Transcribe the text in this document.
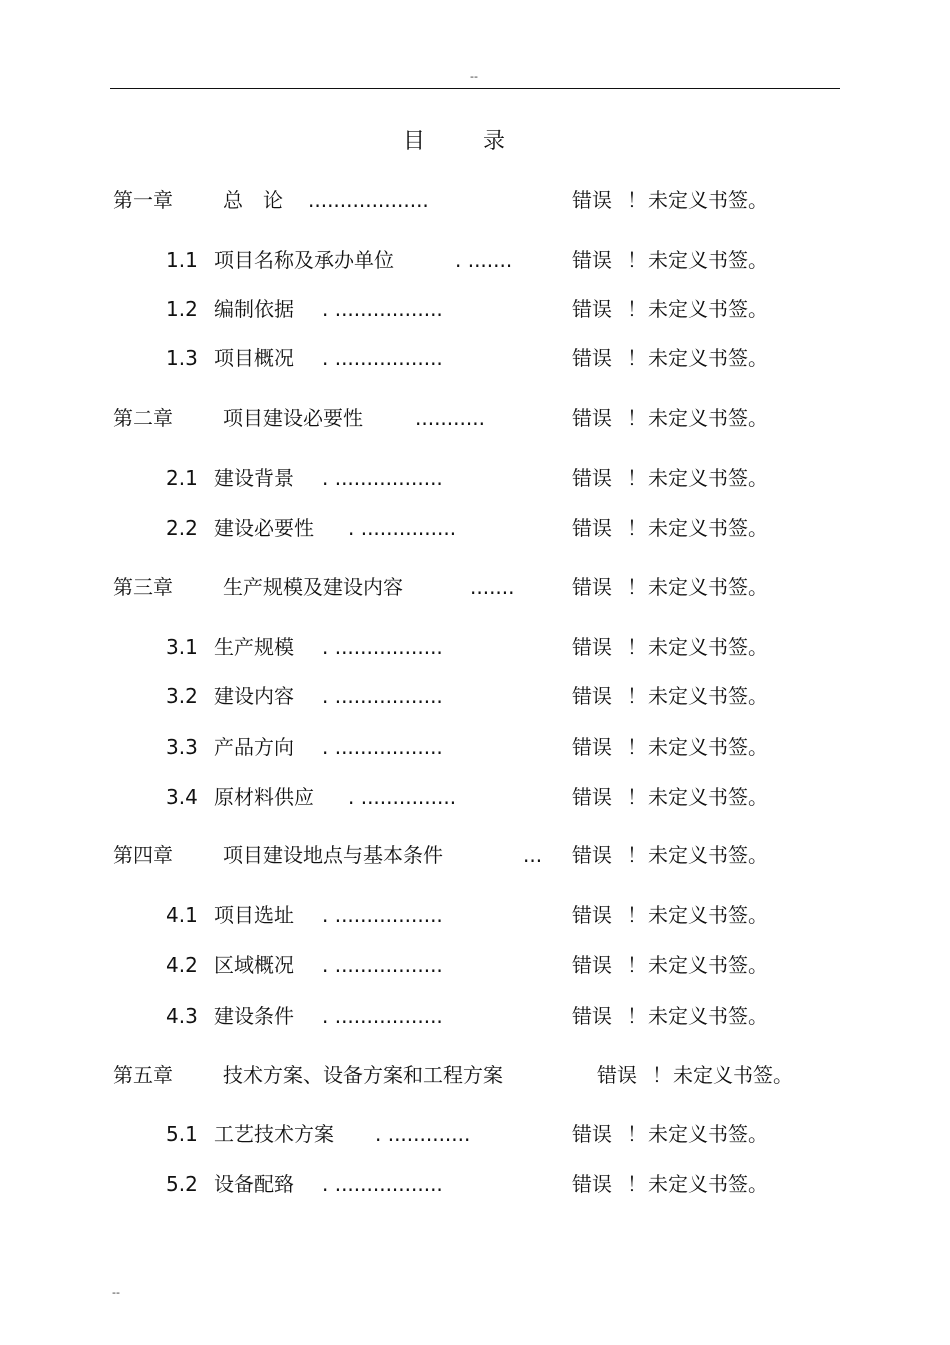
--
目	录
第一章	总　论 ...................	错误 ！ 未定义书签。
1.1 项目名称及承办单位	. .......	错误 ！ 未定义书签。
1.2 编制依据 . .................	错误 ！ 未定义书签。
1.3 项目概况 . .................	错误 ！ 未定义书签。
第二章	项目建设必要性	...........	错误 ！ 未定义书签。
2.1 建设背景 . .................	错误 ！ 未定义书签。
2.2 建设必要性 . ...............	错误 ！ 未定义书签。
第三章	生产规模及建设内容	.......	错误 ！ 未定义书签。
3.1 生产规模 . .................	错误 ！ 未定义书签。
3.2 建设内容 . .................	错误 ！ 未定义书签。
3.3 产品方向 . .................	错误 ！ 未定义书签。
3.4 原材料供应 . ...............	错误 ！ 未定义书签。
第四章	项目建设地点与基本条件	... 错误 ！ 未定义书签。
4.1 项目选址 . .................	错误 ！ 未定义书签。
4.2 区域概况 . .................	错误 ！ 未定义书签。
4.3 建设条件 . .................	错误 ！ 未定义书签。
第五章	技术方案、设备方案和工程方案	错误 ！ 未定义书签。
5.1 工艺技术方案 . .............	错误 ！ 未定义书签。
5.2 设备配臵 . .................	错误 ！ 未定义书签。
--
